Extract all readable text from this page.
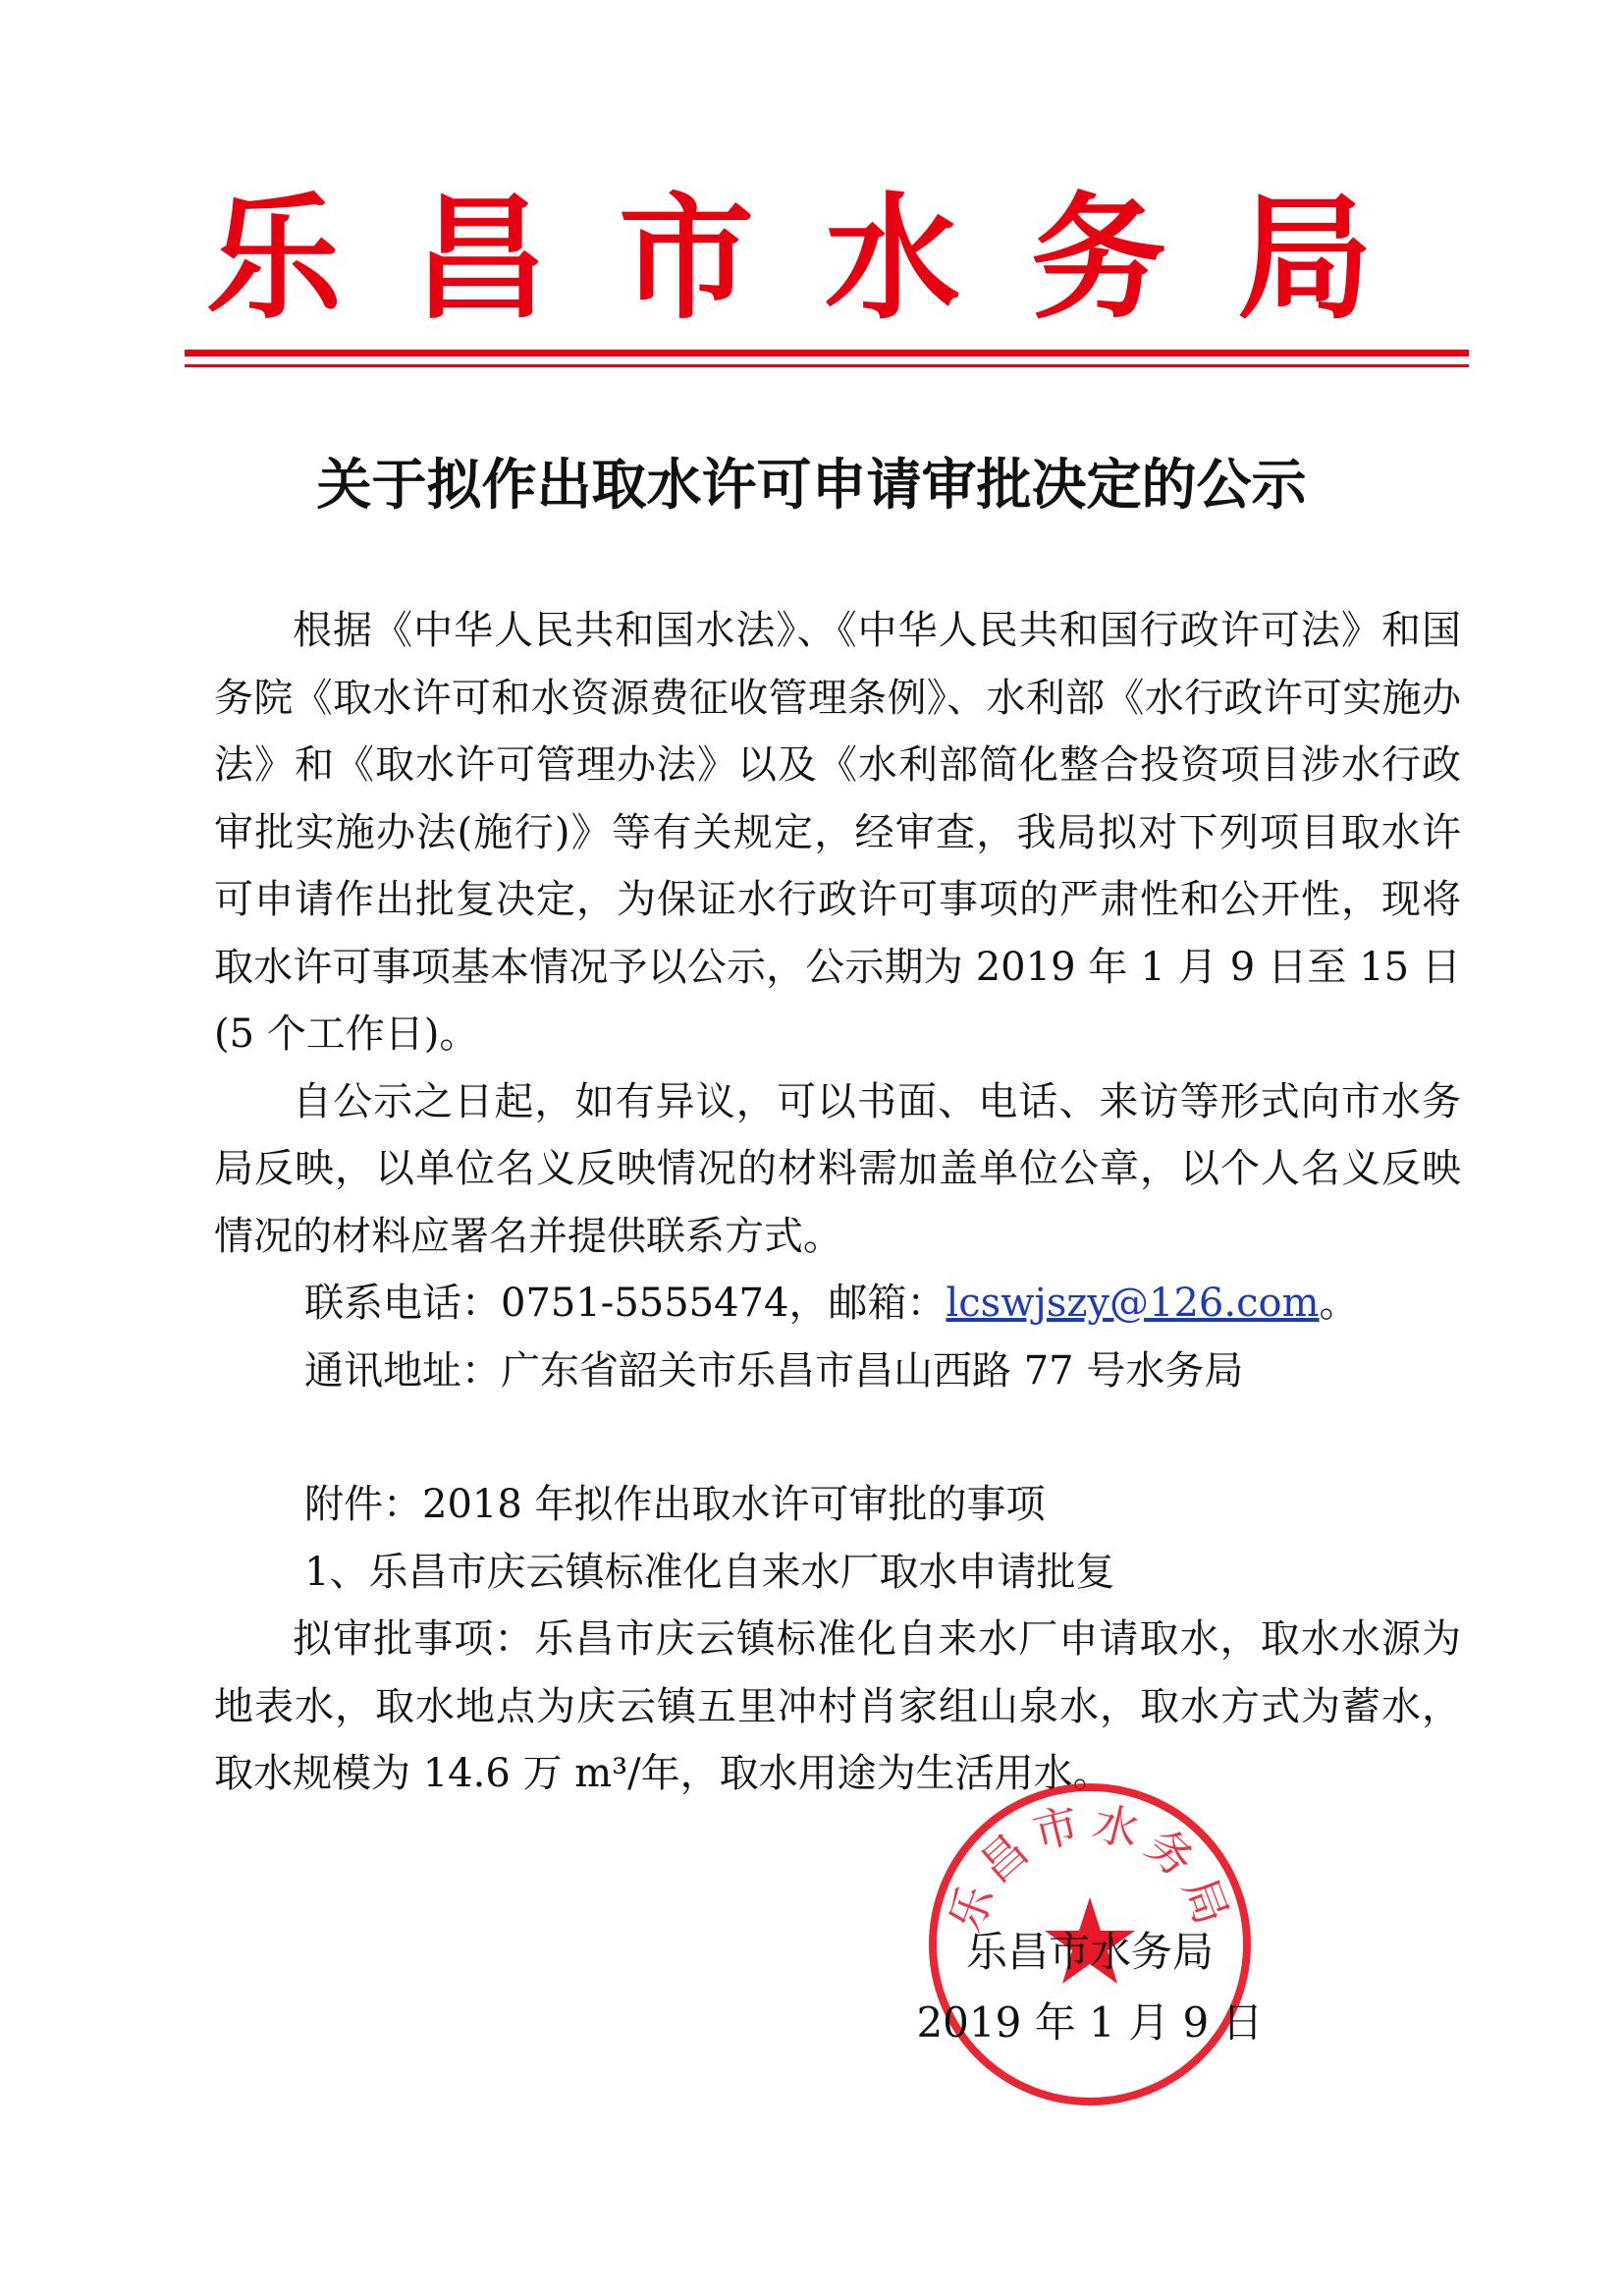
乐昌市水务局
关于拟作出取水许可申请审批决定的公示

根据《中华人民共和国水法》、《中华人民共和国行政许可法》和国务院《取水许可和水资源费征收管理条例》、水利部《水行政许可实施办法》和《取水许可管理办法》以及《水利部简化整合投资项目涉水行政审批实施办法(施行)》等有关规定，经审查，我局拟对下列项目取水许可申请作出批复决定，为保证水行政许可事项的严肃性和公开性，现将取水许可事项基本情况予以公示，公示期为 2019 年 1 月 9 日至 15 日(5 个工作日)。

自公示之日起，如有异议，可以书面、电话、来访等形式向市水务局反映，以单位名义反映情况的材料需加盖单位公章，以个人名义反映情况的材料应署名并提供联系方式。

联系电话：0751-5555474，邮箱：lcswjszy@126.com。

通讯地址：广东省韶关市乐昌市昌山西路 77 号水务局

附件：2018 年拟作出取水许可审批的事项

1、乐昌市庆云镇标准化自来水厂取水申请批复

拟审批事项：乐昌市庆云镇标准化自来水厂申请取水，取水水源为地表水，取水地点为庆云镇五里冲村肖家组山泉水，取水方式为蓄水，取水规模为 14.6 万 m³/年，取水用途为生活用水。

乐昌市水务局
乐昌市水务局
2019 年 1 月 9 日
